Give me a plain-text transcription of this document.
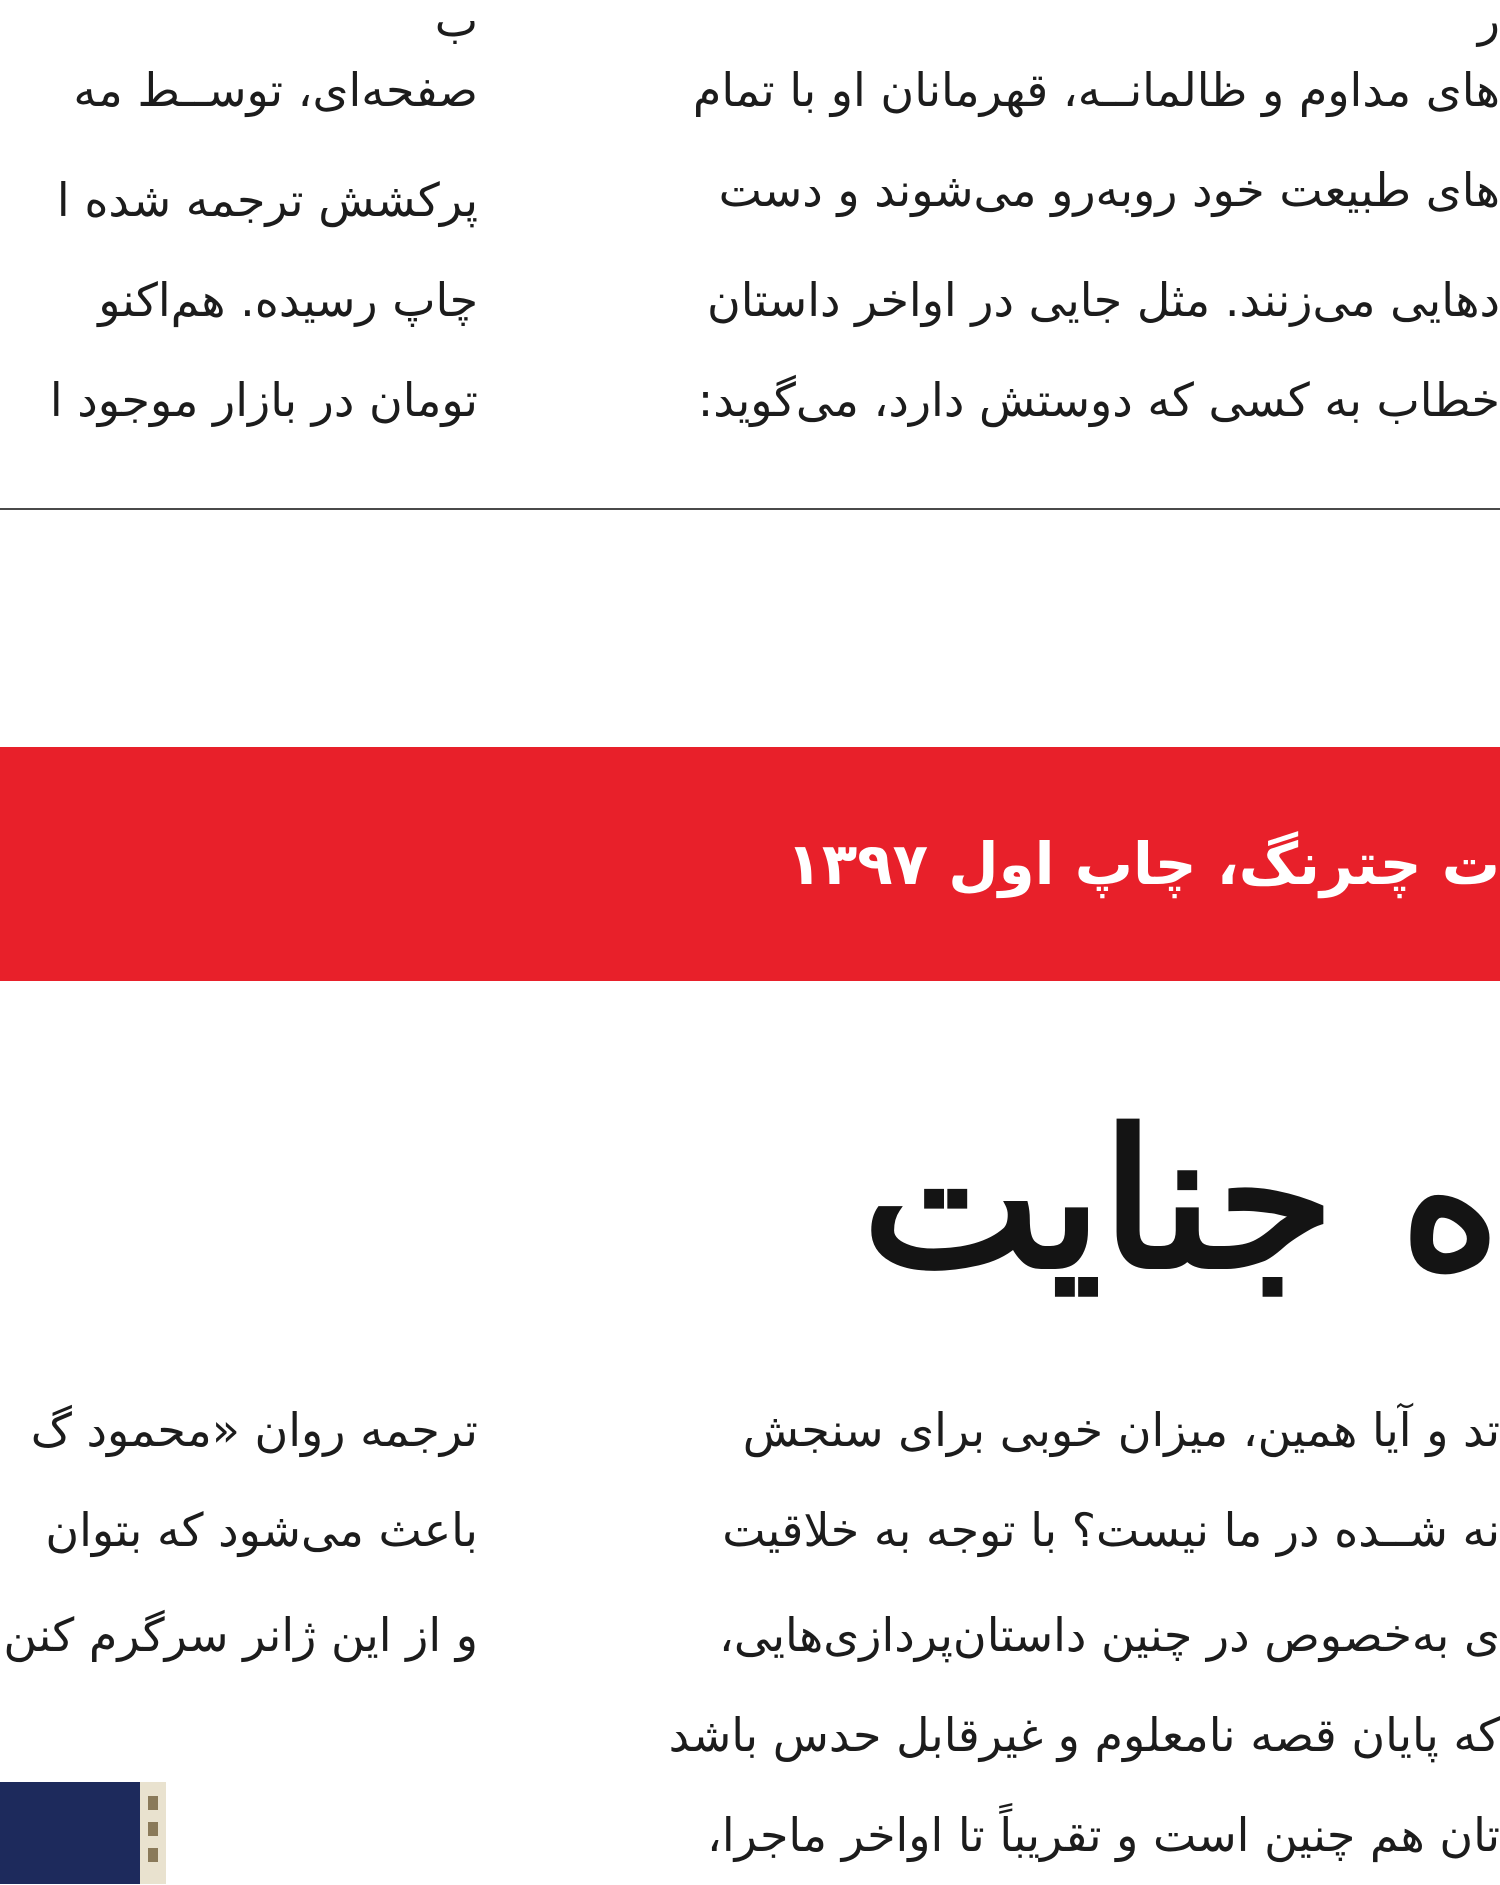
ر
های مداوم و ظالمانــه، قهرمانان او با تمام
های طبیعت خود روبه‌رو می‌شوند و دست
دهایی می‌زنند. مثل جایی در اواخر داستان
خطاب به کسی که دوستش دارد، می‌گوید:
ب
صفحه‌ای، توســط مه
پرکشش ترجمه شده ا
چاپ رسیده. هم‌اکنو
تومان در بازار موجود ا
ت چترنگ، چاپ اول ۱۳۹۷
ه جنایت
تد و آیا همین، میزان خوبی برای سنجش
نه شــده در ما نیست؟ با توجه به خلاقیت
ی به‌خصوص در چنین داستان‌پردازی‌هایی،
که پایان قصه نامعلوم و غیرقابل حدس باشد
تان هم چنین است و تقریباً تا اواخر ماجرا،
ترجمه روان «محمود گ
باعث می‌شود که بتوان
و از این ژانر سرگرم کنن
